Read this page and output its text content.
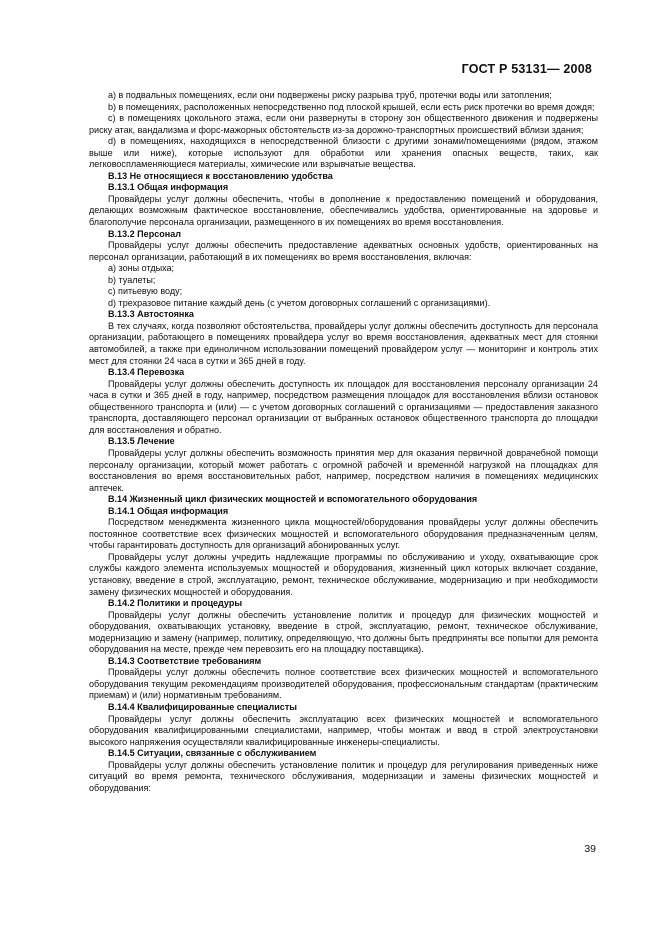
ГОСТ Р 53131— 2008

а) в подвальных помещениях, если они подвержены риску разрыва труб, протечки воды или затопления;

b) в помещениях, расположенных непосредственно под плоской крышей, если есть риск протечки во время дождя;

с) в помещениях цокольного этажа, если они развернуты в сторону зон общественного движения и подвержены риску атак, вандализма и форс-мажорных обстоятельств из-за дорожно-транспортных происшествий вблизи здания;

d) в помещениях, находящихся в непосредственной близости с другими зонами/помещениями (рядом, этажом выше или ниже), которые используют для обработки или хранения опасных веществ, таких, как легковоспламеняющиеся материалы, химические или взрывчатые вещества.

В.13 Не относящиеся к восстановлению удобства

В.13.1 Общая информация

Провайдеры услуг должны обеспечить, чтобы в дополнение к предоставлению помещений и оборудования, делающих возможным фактическое восстановление, обеспечивались удобства, ориентированные на здоровье и благополучие персонала организации, размещенного в их помещениях во время восстановления.

В.13.2 Персонал

Провайдеры услуг должны обеспечить предоставление адекватных основных удобств, ориентированных на персонал организации, работающий в их помещениях во время восстановления, включая:

а) зоны отдыха;

b) туалеты;

с) питьевую воду;

d) трехразовое питание каждый день (с учетом договорных соглашений с организациями).

В.13.3 Автостоянка

В тех случаях, когда позволяют обстоятельства, провайдеры услуг должны обеспечить доступность для персонала организации, работающего в помещениях провайдера услуг во время восстановления, адекватных мест для стоянки автомобилей, а также при единоличном использовании помещений провайдером услуг — мониторинг и контроль этих мест для стоянки 24 часа в сутки и 365 дней в году.

В.13.4 Перевозка

Провайдеры услуг должны обеспечить доступность их площадок для восстановления персоналу организации 24 часа в сутки и 365 дней в году, например, посредством размещения площадок для восстановления вблизи остановок общественного транспорта и (или) — с учетом договорных соглашений с организациями — предоставления заказного транспорта, доставляющего персонал организации от выбранных остановок общественного транспорта до площадки для восстановления и обратно.

В.13.5 Лечение

Провайдеры услуг должны обеспечить возможность принятия мер для оказания первичной доврачебной помощи персоналу организации, который может работать с огромной рабочей и временно́й нагрузкой на площадках для восстановления во время восстановительных работ, например, посредством наличия в помещениях медицинских аптечек.

В.14 Жизненный цикл физических мощностей и вспомогательного оборудования

В.14.1 Общая информация

Посредством менеджмента жизненного цикла мощностей/оборудования провайдеры услуг должны обеспечить постоянное соответствие всех физических мощностей и вспомогательного оборудования предназначенным целям, чтобы гарантировать доступность для организаций абонированных услуг.

Провайдеры услуг должны учредить надлежащие программы по обслуживанию и уходу, охватывающие срок службы каждого элемента используемых мощностей и оборудования, жизненный цикл которых включает создание, установку, введение в строй, эксплуатацию, ремонт, техническое обслуживание, модернизацию и при необходимости замену физических мощностей и оборудования.

В.14.2 Политики и процедуры

Провайдеры услуг должны обеспечить установление политик и процедур для физических мощностей и оборудования, охватывающих установку, введение в строй, эксплуатацию, ремонт, техническое обслуживание, модернизацию и замену (например, политику, определяющую, что должны быть предприняты все попытки для ремонта оборудования на месте, прежде чем перевозить его на площадку поставщика).

В.14.3 Соответствие требованиям

Провайдеры услуг должны обеспечить полное соответствие всех физических мощностей и вспомогательного оборудования текущим рекомендациям производителей оборудования, профессиональным стандартам (практическим приемам) и (или) нормативным требованиям.

В.14.4 Квалифицированные специалисты

Провайдеры услуг должны обеспечить эксплуатацию всех физических мощностей и вспомогательного оборудования квалифицированными специалистами, например, чтобы монтаж и ввод в строй электроустановки высокого напряжения осуществляли квалифицированные инженеры-специалисты.

В.14.5 Ситуации, связанные с обслуживанием

Провайдеры услуг должны обеспечить установление политик и процедур для регулирования приведенных ниже ситуаций во время ремонта, технического обслуживания, модернизации и замены физических мощностей и оборудования:

39
